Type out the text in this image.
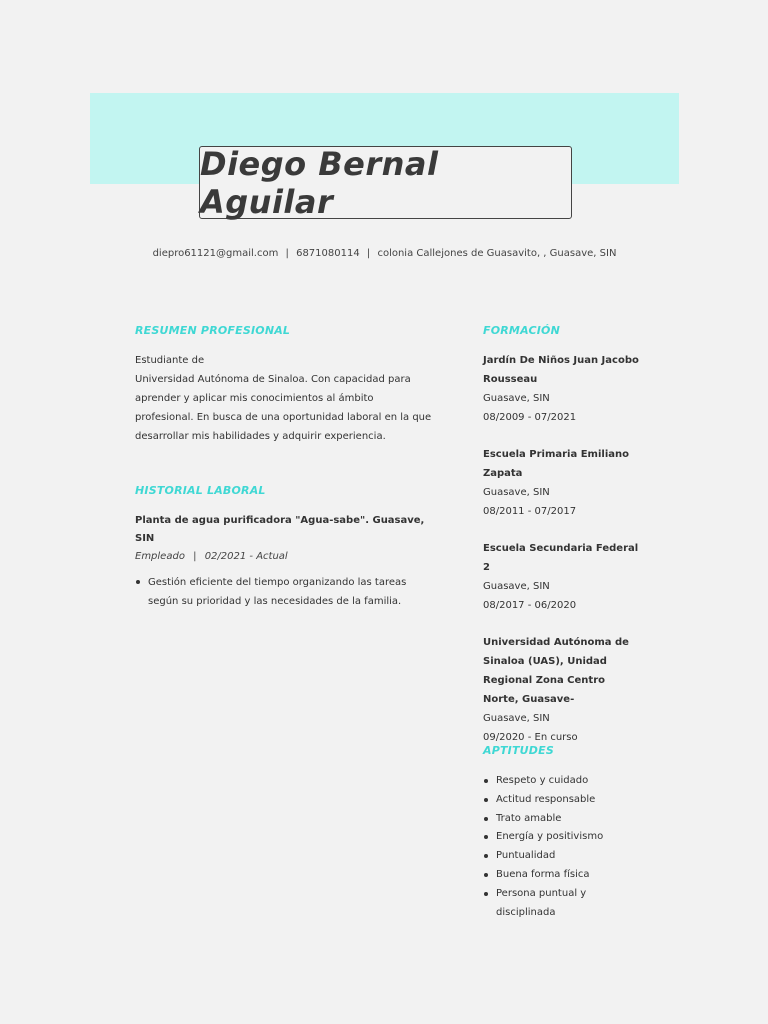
Diego Bernal Aguilar
diepro61121@gmail.com | 6871080114 | colonia Callejones de Guasavito, , Guasave, SIN
RESUMEN PROFESIONAL
Estudiante de
Universidad Autónoma de Sinaloa. Con capacidad para aprender y aplicar mis conocimientos al ámbito profesional. En busca de una oportunidad laboral en la que desarrollar mis habilidades y adquirir experiencia.
HISTORIAL LABORAL
Planta de agua purificadora "Agua-sabe". Guasave, SIN
Empleado | 02/2021 - Actual
Gestión eficiente del tiempo organizando las tareas según su prioridad y las necesidades de la familia.
FORMACIÓN
Jardín De Niños Juan Jacobo Rousseau
Guasave, SIN
08/2009 - 07/2021
Escuela Primaria Emiliano Zapata
Guasave, SIN
08/2011 - 07/2017
Escuela Secundaria Federal 2
Guasave, SIN
08/2017 - 06/2020
Universidad Autónoma de Sinaloa (UAS), Unidad Regional Zona Centro Norte, Guasave-
Guasave, SIN
09/2020 - En curso
APTITUDES
Respeto y cuidado
Actitud responsable
Trato amable
Energía y positivismo
Puntualidad
Buena forma física
Persona puntual y disciplinada
